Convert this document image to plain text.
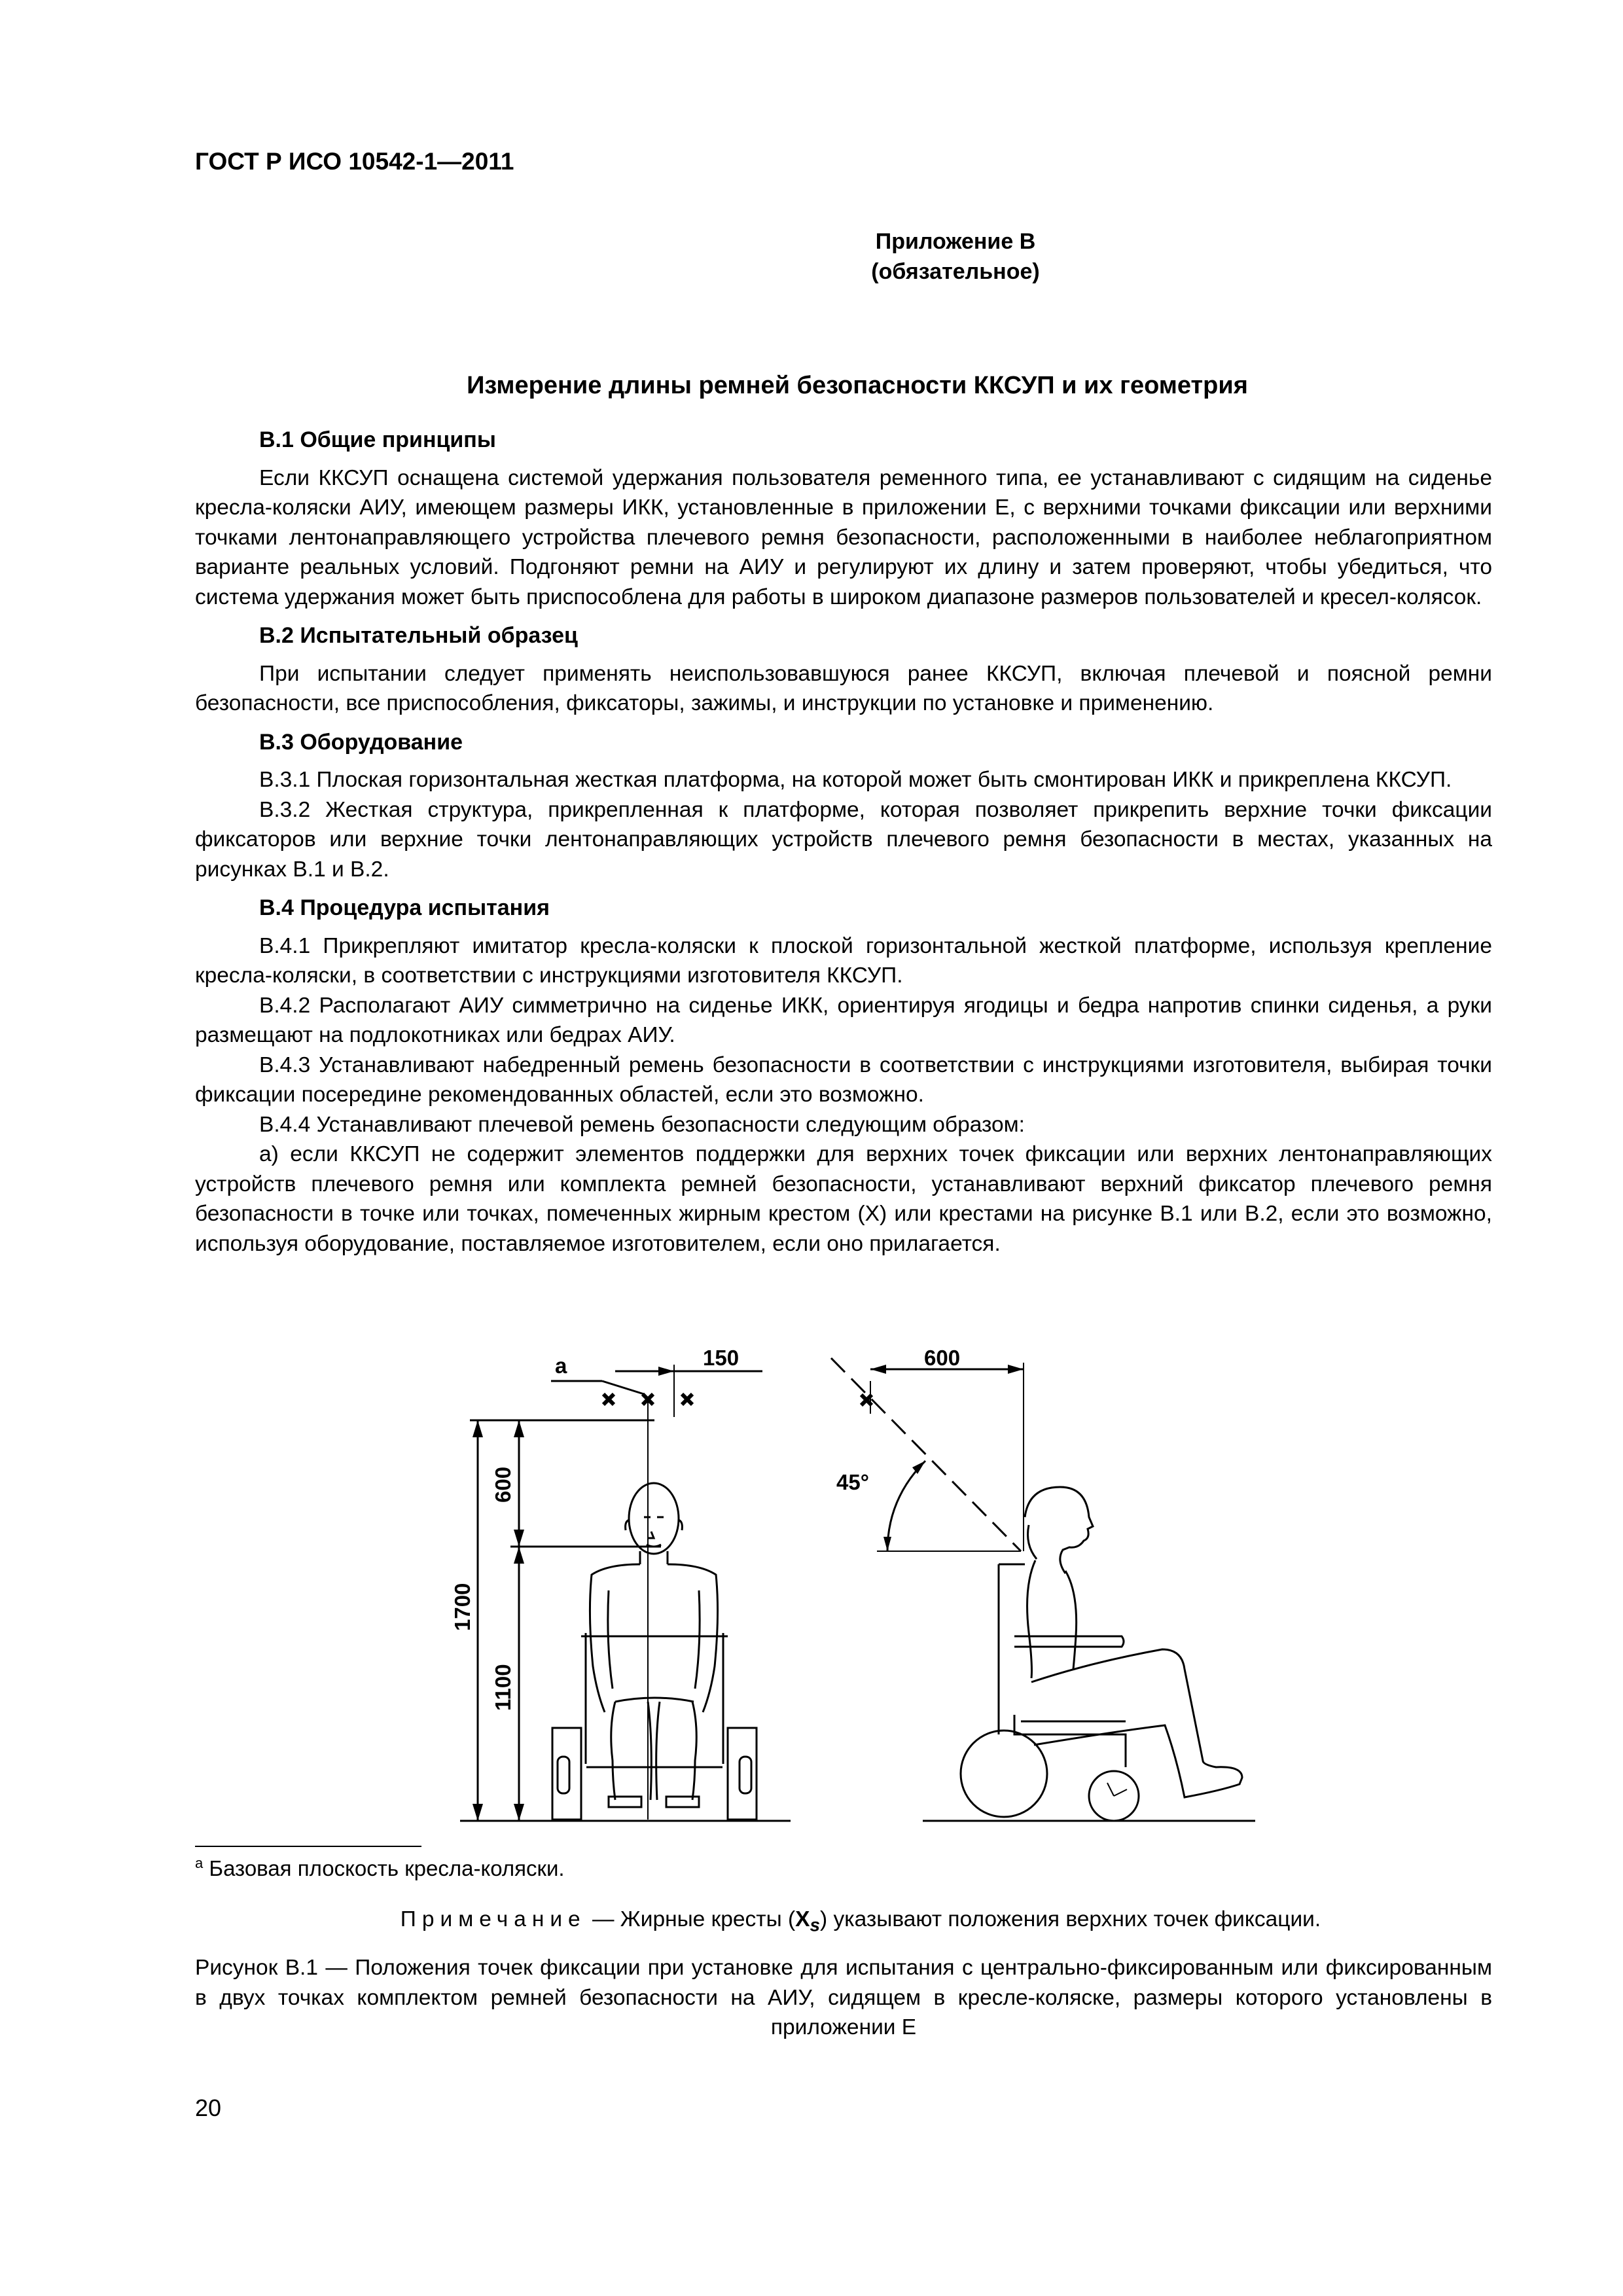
ГОСТ Р ИСО 10542-1—2011
Приложение В
(обязательное)
Измерение длины ремней безопасности ККСУП и их геометрия
В.1 Общие принципы

Если ККСУП оснащена системой удержания пользователя ременного типа, ее устанавливают с сидящим на сиденье кресла-коляски АИУ, имеющем размеры ИКК, установленные в приложении Е, с верхними точками фиксации или верхними точками лентонаправляющего устройства плечевого ремня безопасности, расположенными в наиболее неблагоприятном варианте реальных условий. Подгоняют ремни на АИУ и регулируют их длину и затем проверяют, чтобы убедиться, что система удержания может быть приспособлена для работы в широком диапазоне размеров пользователей и кресел-колясок.

В.2 Испытательный образец

При испытании следует применять неиспользовавшуюся ранее ККСУП, включая плечевой и поясной ремни безопасности, все приспособления, фиксаторы, зажимы, и инструкции по установке и применению.

В.3 Оборудование

В.3.1 Плоская горизонтальная жесткая платформа, на которой может быть смонтирован ИКК и прикреплена ККСУП.

В.3.2 Жесткая структура, прикрепленная к платформе, которая позволяет прикрепить верхние точки фиксации фиксаторов или верхние точки лентонаправляющих устройств плечевого ремня безопасности в местах, указанных на рисунках В.1 и В.2.

В.4 Процедура испытания

В.4.1 Прикрепляют имитатор кресла-коляски к плоской горизонтальной жесткой платформе, используя крепление кресла-коляски, в соответствии с инструкциями изготовителя ККСУП.

В.4.2 Располагают АИУ симметрично на сиденье ИКК, ориентируя ягодицы и бедра напротив спинки сиденья, а руки размещают на подлокотниках или бедрах АИУ.

В.4.3 Устанавливают набедренный ремень безопасности в соответствии с инструкциями изготовителя, выбирая точки фиксации посередине рекомендованных областей, если это возможно.

В.4.4 Устанавливают плечевой ремень безопасности следующим образом:

а) если ККСУП не содержит элементов поддержки для верхних точек фиксации или верхних лентонаправляющих устройств плечевого ремня или комплекта ремней безопасности, устанавливают верхний фиксатор плечевого ремня безопасности в точке или точках, помеченных жирным крестом (Х) или крестами на рисунке В.1 или В.2, если это возможно, используя оборудование, поставляемое изготовителем, если оно прилагается.

а	150	600
1700
600
1100
45°
$^а$ Базовая плоскость кресла-коляски.
Примечание — Жирные кресты $(X_s)$ указывают положения верхних точек фиксации.
Рисунок В.1 — Положения точек фиксации при установке для испытания с центрально-фиксированным или фиксированным в двух точках комплектом ремней безопасности на АИУ, сидящем в кресле-коляске, размеры которого установлены в приложении Е
20
